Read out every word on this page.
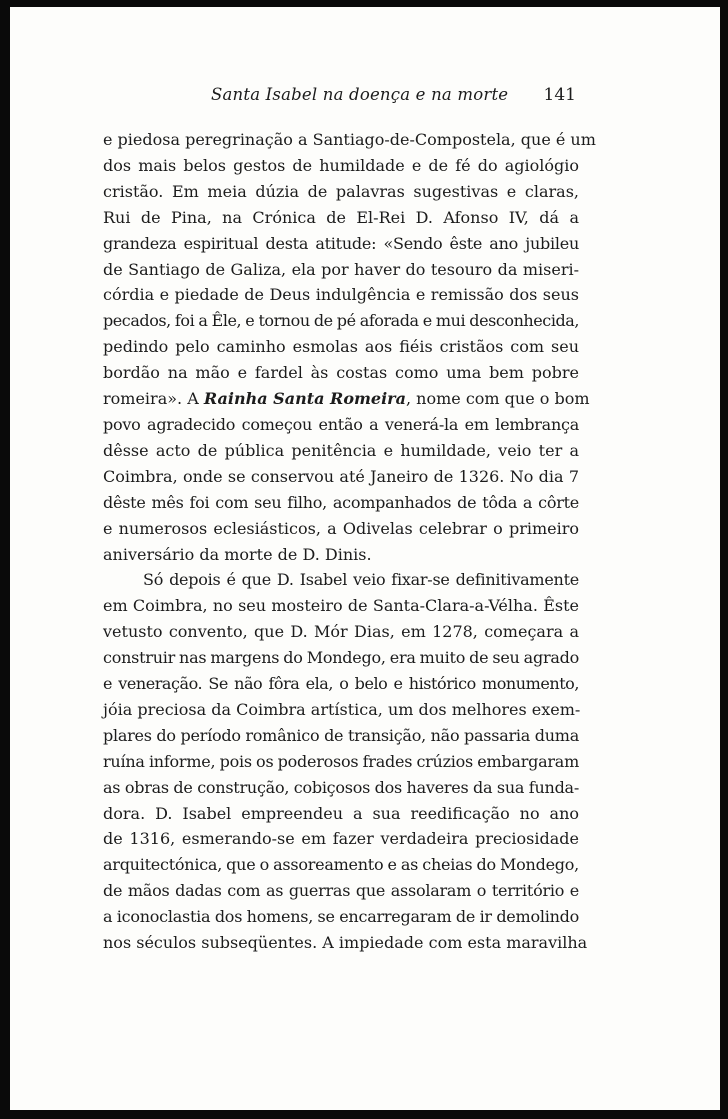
Santa Isabel na doença e na morte 141
e piedosa peregrinação a Santiago-de-Compostela, que é um
dos mais belos gestos de humildade e de fé do agiológio
cristão. Em meia dúzia de palavras sugestivas e claras,
Rui de Pina, na Crónica de El-Rei D. Afonso IV, dá a
grandeza espiritual desta atitude: «Sendo êste ano jubileu
de Santiago de Galiza, ela por haver do tesouro da miseri-
córdia e piedade de Deus indulgência e remissão dos seus
pecados, foi a Êle, e tornou de pé aforada e mui desconhecida,
pedindo pelo caminho esmolas aos fiéis cristãos com seu
bordão na mão e fardel às costas como uma bem pobre
romeira». A Rainha Santa Romeira, nome com que o bom
povo agradecido começou então a venerá-la em lembrança
dêsse acto de pública penitência e humildade, veio ter a
Coimbra, onde se conservou até Janeiro de 1326. No dia 7
dêste mês foi com seu filho, acompanhados de tôda a côrte
e numerosos eclesiásticos, a Odivelas celebrar o primeiro
aniversário da morte de D. Dinis.
Só depois é que D. Isabel veio fixar-se definitivamente
em Coimbra, no seu mosteiro de Santa-Clara-a-Vélha. Êste
vetusto convento, que D. Mór Dias, em 1278, começara a
construir nas margens do Mondego, era muito de seu agrado
e veneração. Se não fôra ela, o belo e histórico monumento,
jóia preciosa da Coimbra artística, um dos melhores exem-
plares do período românico de transição, não passaria duma
ruína informe, pois os poderosos frades crúzios embargaram
as obras de construção, cobiçosos dos haveres da sua funda-
dora. D. Isabel empreendeu a sua reedificação no ano
de 1316, esmerando-se em fazer verdadeira preciosidade
arquitectónica, que o assoreamento e as cheias do Mondego,
de mãos dadas com as guerras que assolaram o território e
a iconoclastia dos homens, se encarregaram de ir demolindo
nos séculos subseqüentes. A impiedade com esta maravilha
